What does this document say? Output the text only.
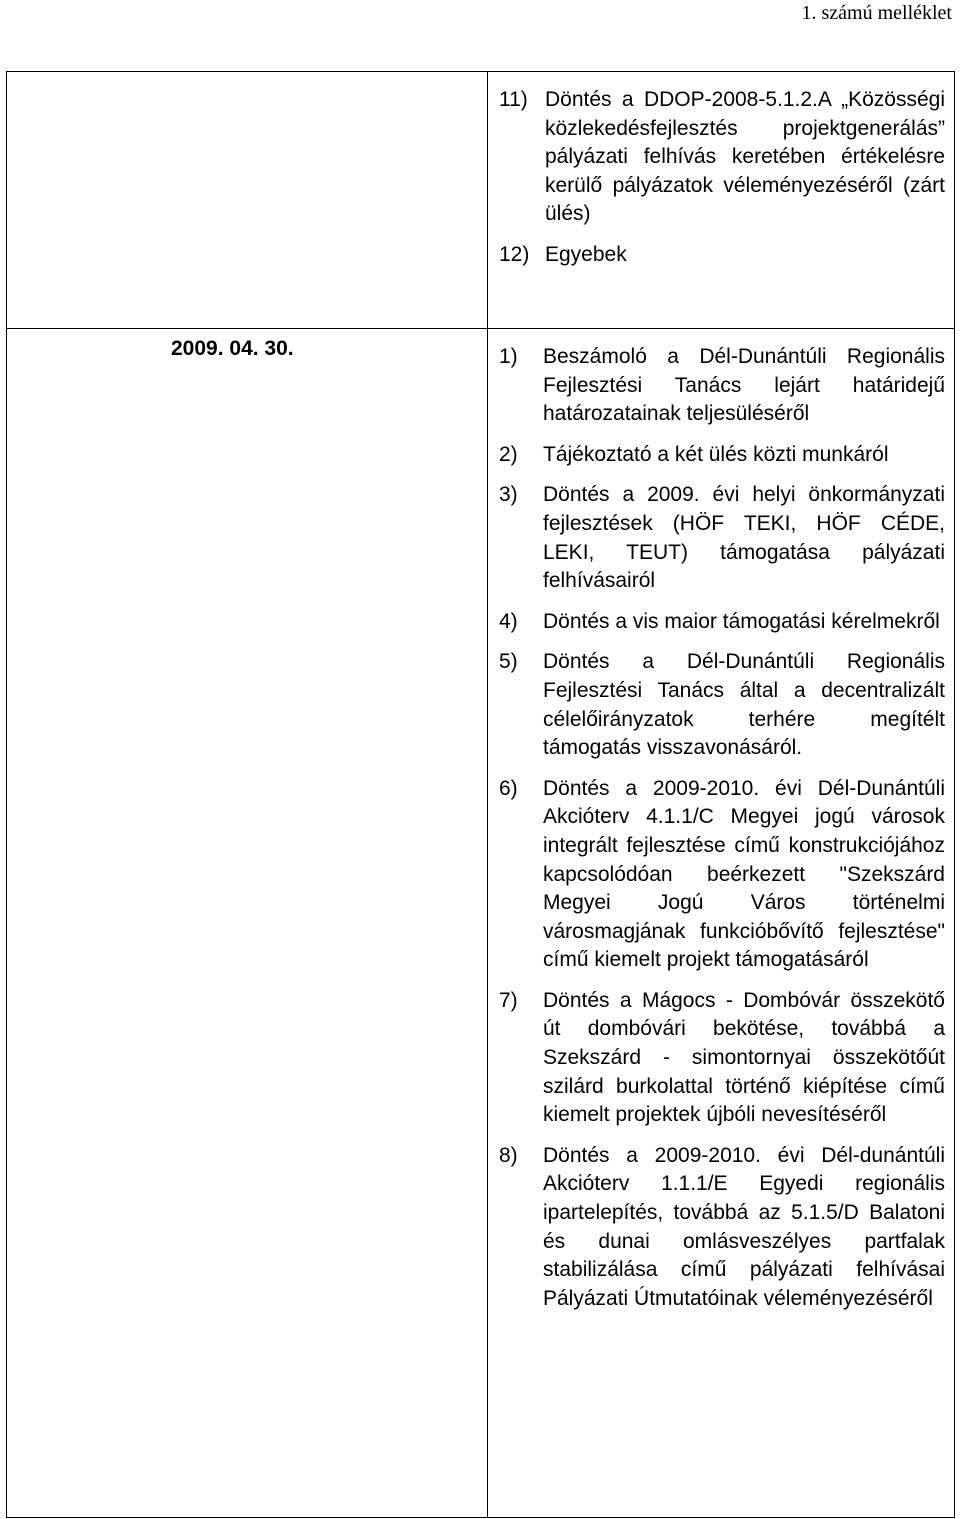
1. számú melléklet
11) Döntés a DDOP-2008-5.1.2.A „Közösségi közlekedésfejlesztés projektgenerálás” pályázati felhívás keretében értékelésre kerülő pályázatok véleményezéséről (zárt ülés)
12) Egyebek
2009. 04. 30.	1) Beszámoló a Dél-Dunántúli Regionális Fejlesztési Tanács lejárt határidejű határozatainak teljesüléséről
2) Tájékoztató a két ülés közti munkáról
3) Döntés a 2009. évi helyi önkormányzati fejlesztések (HÖF TEKI, HÖF CÉDE, LEKI, TEUT) támogatása pályázati felhívásairól
4) Döntés a vis maior támogatási kérelmekről
5) Döntés a Dél-Dunántúli Regionális Fejlesztési Tanács által a decentralizált célelőirányzatok terhére megítélt támogatás visszavonásáról.
6) Döntés a 2009-2010. évi Dél-Dunántúli Akcióterv 4.1.1/C Megyei jogú városok integrált fejlesztése című konstrukciójához kapcsolódóan beérkezett "Szekszárd Megyei Jogú Város történelmi városmagjának funkcióbővítő fejlesztése" című kiemelt projekt támogatásáról
7) Döntés a Mágocs - Dombóvár összekötő út dombóvári bekötése, továbbá a Szekszárd - simontornyai összekötőút szilárd burkolattal történő kiépítése című kiemelt projektek újbóli nevesítéséről
8) Döntés a 2009-2010. évi Dél-dunántúli Akcióterv 1.1.1/E Egyedi regionális ipartelepítés, továbbá az 5.1.5/D Balatoni és dunai omlásveszélyes partfalak stabilizálása című pályázati felhívásai Pályázati Útmutatóinak véleményezéséről
